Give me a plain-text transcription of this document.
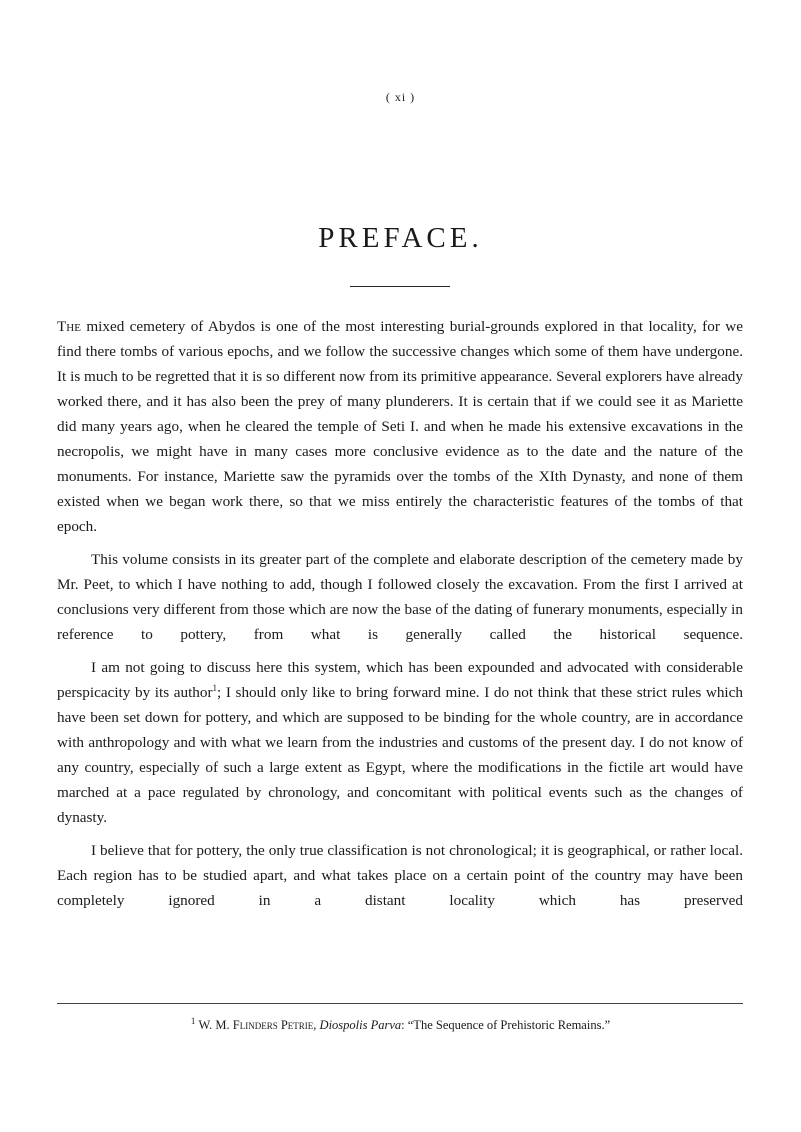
( xi )
PREFACE.

The mixed cemetery of Abydos is one of the most interesting burial-grounds explored in that locality, for we find there tombs of various epochs, and we follow the successive changes which some of them have undergone. It is much to be regretted that it is so different now from its primitive appearance. Several explorers have already worked there, and it has also been the prey of many plunderers. It is certain that if we could see it as Mariette did many years ago, when he cleared the temple of Seti I. and when he made his extensive excavations in the necropolis, we might have in many cases more conclusive evidence as to the date and the nature of the monuments. For instance, Mariette saw the pyramids over the tombs of the XIth Dynasty, and none of them existed when we began work there, so that we miss entirely the characteristic features of the tombs of that epoch.

This volume consists in its greater part of the complete and elaborate description of the cemetery made by Mr. Peet, to which I have nothing to add, though I followed closely the excavation. From the first I arrived at conclusions very different from those which are now the base of the dating of funerary monuments, especially in reference to pottery, from what is generally called the historical sequence.

I am not going to discuss here this system, which has been expounded and advocated with considerable perspicacity by its author$^1$; I should only like to bring forward mine. I do not think that these strict rules which have been set down for pottery, and which are supposed to be binding for the whole country, are in accordance with anthropology and with what we learn from the industries and customs of the present day. I do not know of any country, especially of such a large extent as Egypt, where the modifications in the fictile art would have marched at a pace regulated by chronology, and concomitant with political events such as the changes of dynasty.

I believe that for pottery, the only true classification is not chronological; it is geographical, or rather local. Each region has to be studied apart, and what takes place on a certain point of the country may have been completely ignored in a distant locality which has preserved

$^1$ W. M. Flinders Petrie, Diospolis Parva: “The Sequence of Prehistoric Remains.”
